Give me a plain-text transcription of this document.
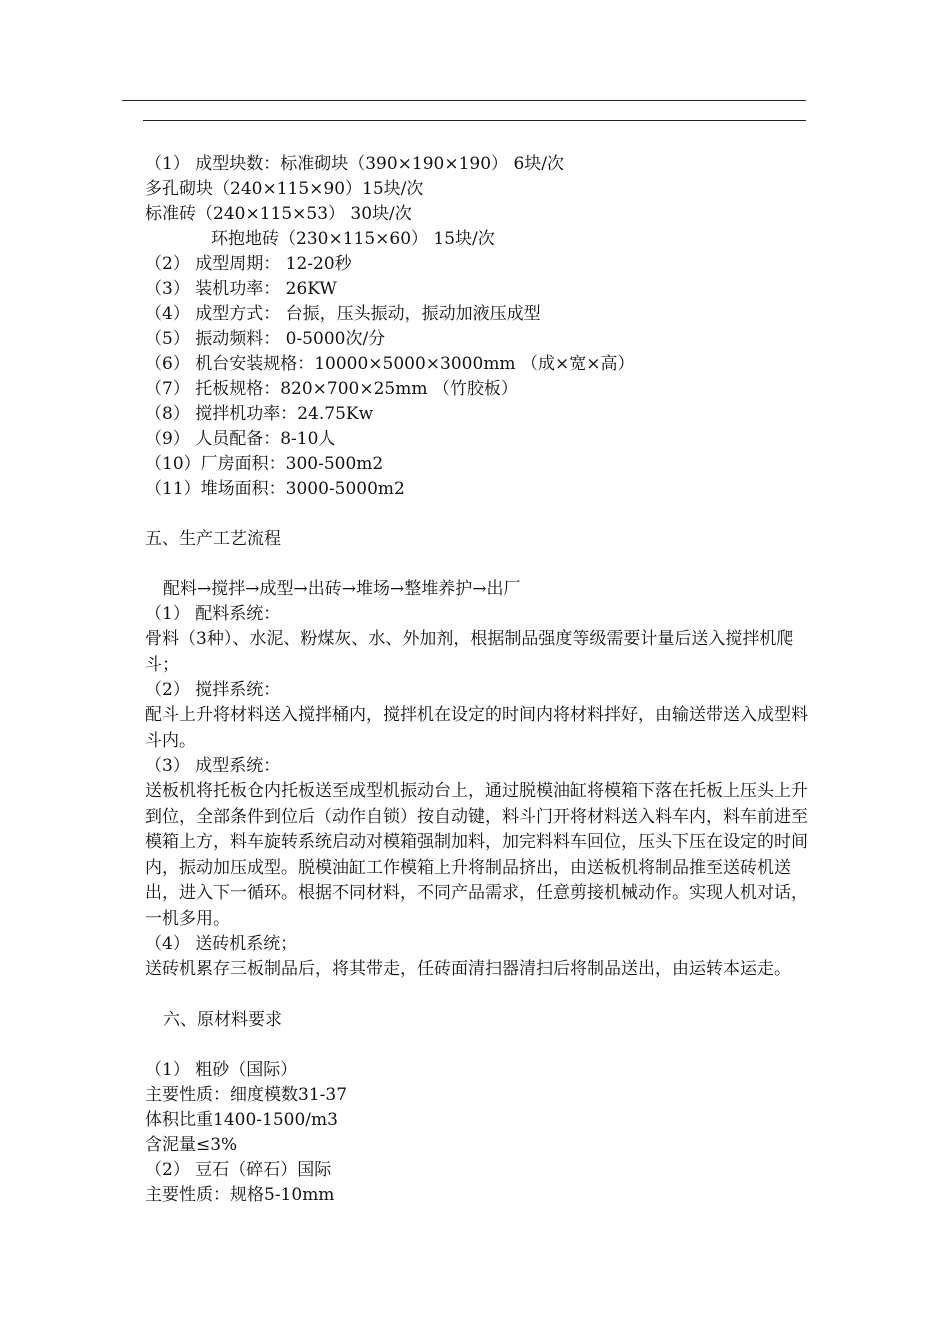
（1） 成型块数：标准砌块（390×190×190） 6块/次
多孔砌块（240×115×90）15块/次
标准砖（240×115×53） 30块/次
环抱地砖（230×115×60） 15块/次
（2） 成型周期： 12-20秒
（3） 装机功率： 26KW
（4） 成型方式： 台振，压头振动，振动加液压成型
（5） 振动频料： 0-5000次/分
（6） 机台安装规格：10000×5000×3000mm （成×宽×高）
（7） 托板规格：820×700×25mm （竹胶板）
（8） 搅拌机功率：24.75Kw
（9） 人员配备：8-10人
（10）厂房面积：300-500m2
（11）堆场面积：3000-5000m2
五、生产工艺流程
配料→搅拌→成型→出砖→堆场→整堆养护→出厂
（1） 配料系统：
骨料（3种）、水泥、粉煤灰、水、外加剂，根据制品强度等级需要计量后送入搅拌机爬斗；
（2） 搅拌系统：
配斗上升将材料送入搅拌桶内，搅拌机在设定的时间内将材料拌好，由输送带送入成型料斗内。
（3） 成型系统：
送板机将托板仓内托板送至成型机振动台上，通过脱模油缸将模箱下落在托板上压头上升到位，全部条件到位后（动作自锁）按自动键，料斗门开将材料送入料车内，料车前进至模箱上方，料车旋转系统启动对模箱强制加料，加完料料车回位，压头下压在设定的时间内，振动加压成型。脱模油缸工作模箱上升将制品挤出，由送板机将制品推至送砖机送出，进入下一循环。根据不同材料，不同产品需求，任意剪接机械动作。实现人机对话，一机多用。
（4） 送砖机系统；
送砖机累存三板制品后，将其带走，任砖面清扫器清扫后将制品送出，由运转本运走。
六、原材料要求
（1） 粗砂（国际）
主要性质：细度模数31-37
体积比重1400-1500/m3
含泥量≤3%
（2） 豆石（碎石）国际
主要性质：规格5-10mm
